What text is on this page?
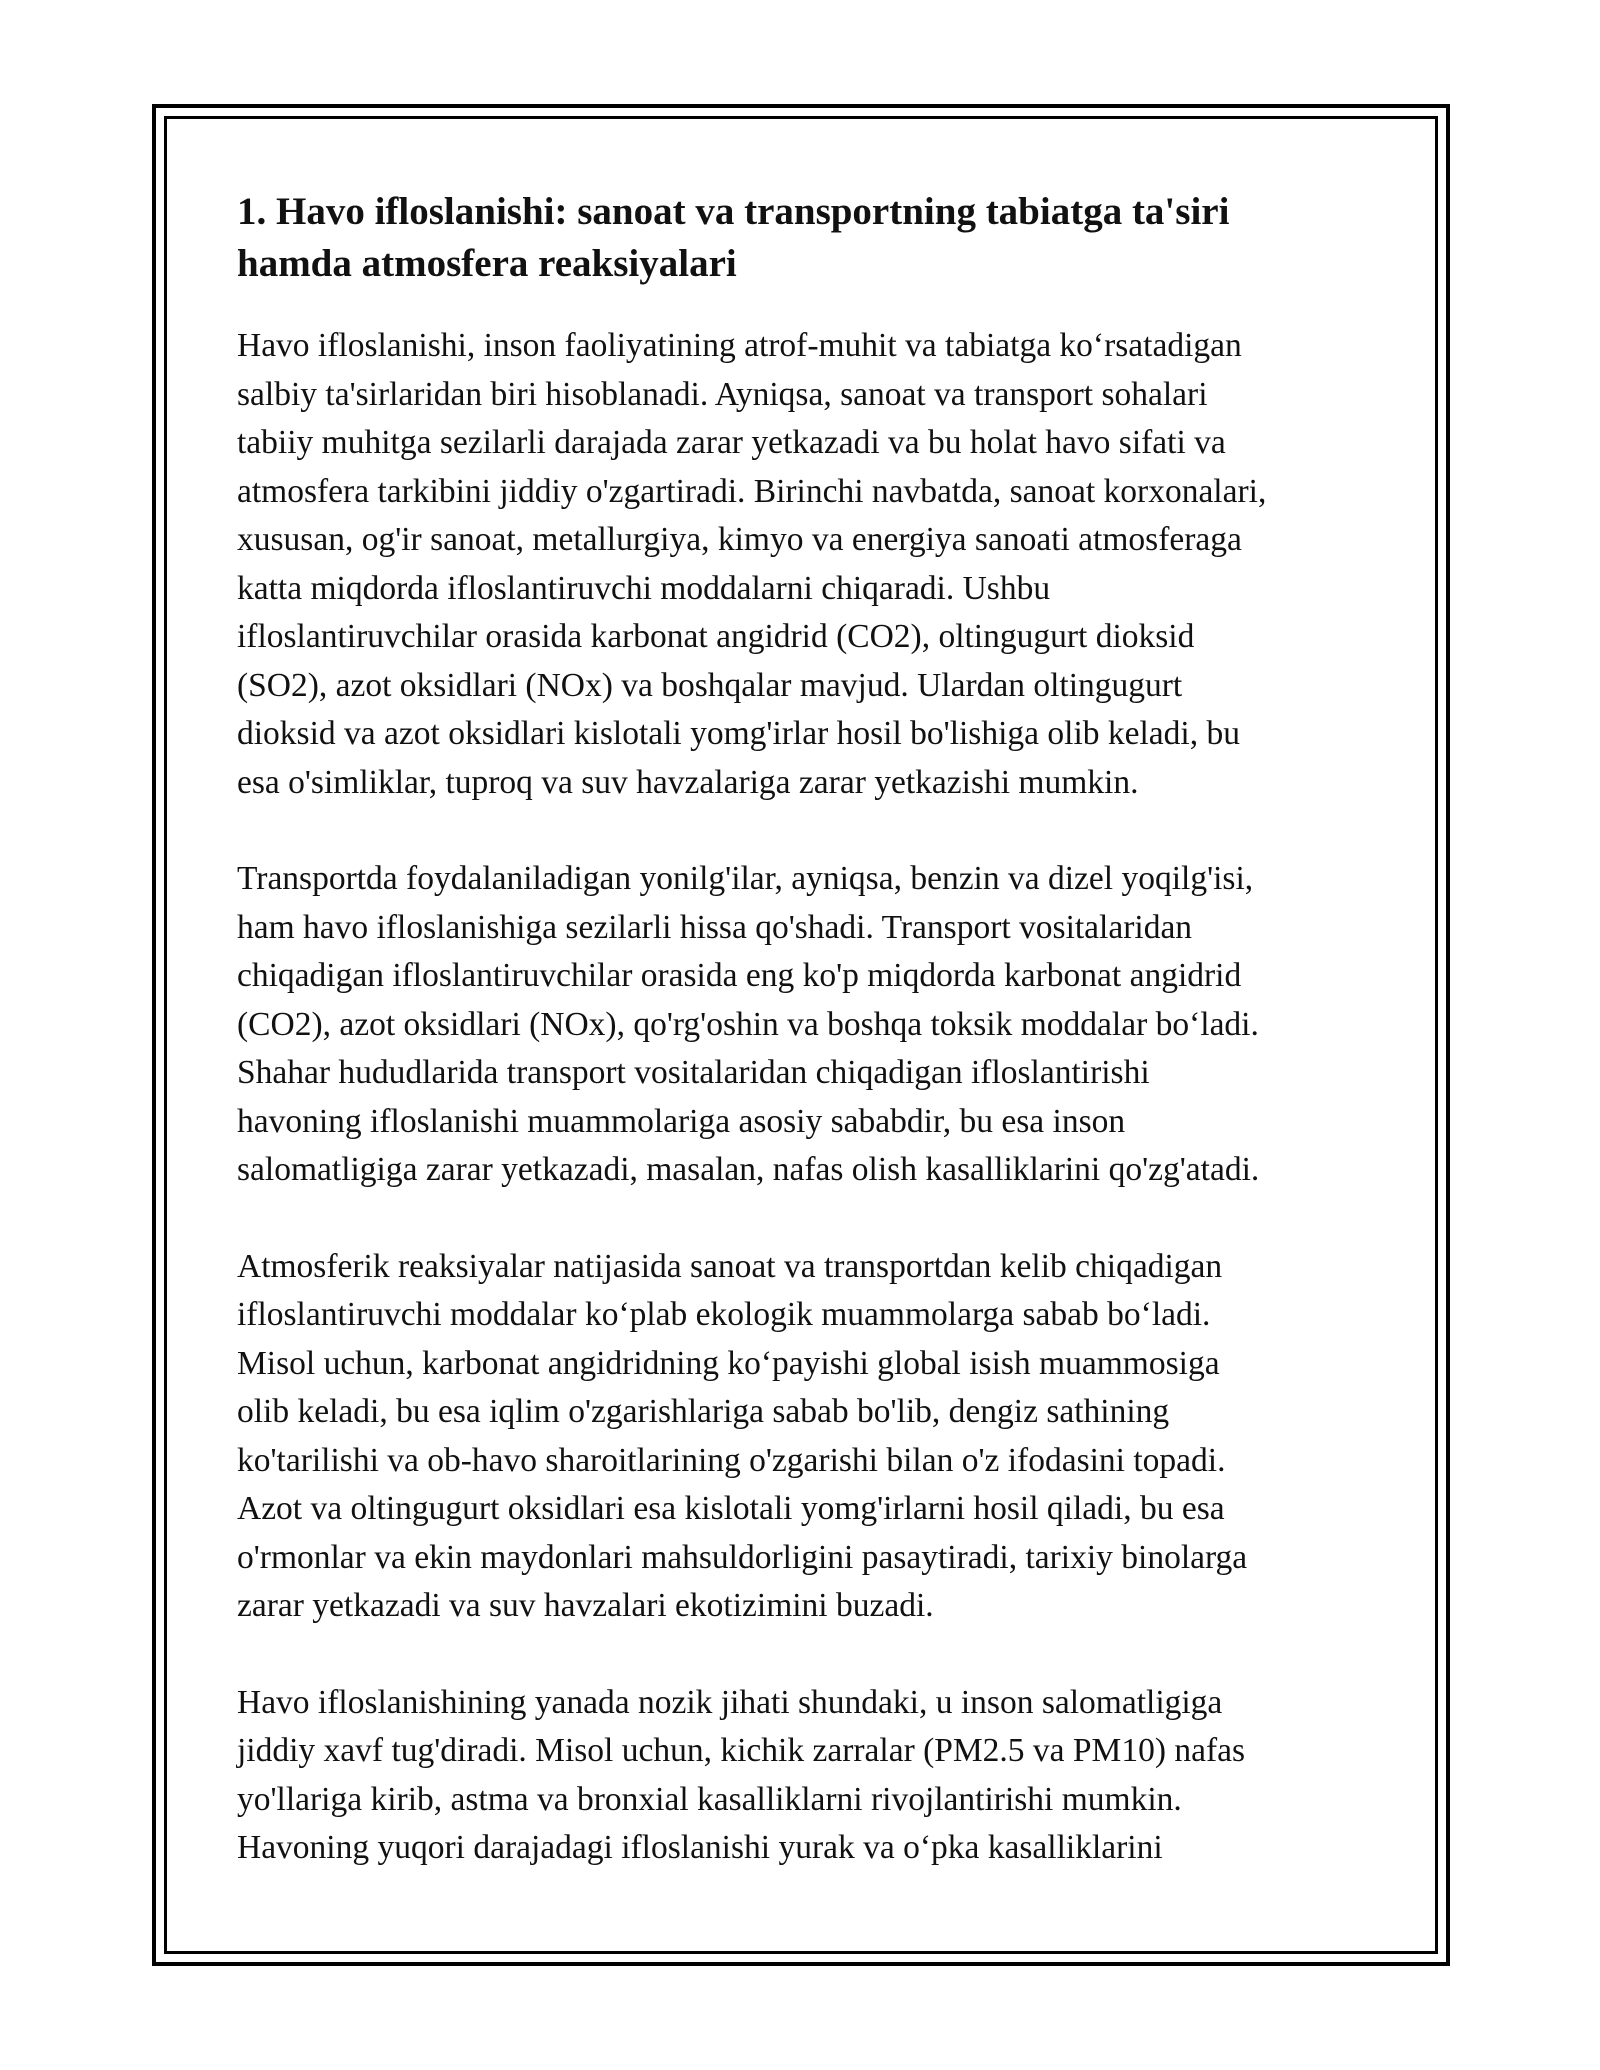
1. Havo ifloslanishi: sanoat va transportning tabiatga ta'siri
hamda atmosfera reaksiyalari

Havo ifloslanishi, inson faoliyatining atrof-muhit va tabiatga koʻrsatadigan
salbiy ta'sirlaridan biri hisoblanadi. Ayniqsa, sanoat va transport sohalari
tabiiy muhitga sezilarli darajada zarar yetkazadi va bu holat havo sifati va
atmosfera tarkibini jiddiy o'zgartiradi. Birinchi navbatda, sanoat korxonalari,
xususan, og'ir sanoat, metallurgiya, kimyo va energiya sanoati atmosferaga
katta miqdorda ifloslantiruvchi moddalarni chiqaradi. Ushbu
ifloslantiruvchilar orasida karbonat angidrid (CO2), oltingugurt dioksid
(SO2), azot oksidlari (NOx) va boshqalar mavjud. Ulardan oltingugurt
dioksid va azot oksidlari kislotali yomg'irlar hosil bo'lishiga olib keladi, bu
esa o'simliklar, tuproq va suv havzalariga zarar yetkazishi mumkin.

Transportda foydalaniladigan yonilg'ilar, ayniqsa, benzin va dizel yoqilg'isi,
ham havo ifloslanishiga sezilarli hissa qo'shadi. Transport vositalaridan
chiqadigan ifloslantiruvchilar orasida eng ko'p miqdorda karbonat angidrid
(CO2), azot oksidlari (NOx), qo'rg'oshin va boshqa toksik moddalar boʻladi.
Shahar hududlarida transport vositalaridan chiqadigan ifloslantirishi
havoning ifloslanishi muammolariga asosiy sababdir, bu esa inson
salomatligiga zarar yetkazadi, masalan, nafas olish kasalliklarini qo'zg'atadi.

Atmosferik reaksiyalar natijasida sanoat va transportdan kelib chiqadigan
ifloslantiruvchi moddalar koʻplab ekologik muammolarga sabab boʻladi.
Misol uchun, karbonat angidridning koʻpayishi global isish muammosiga
olib keladi, bu esa iqlim o'zgarishlariga sabab bo'lib, dengiz sathining
ko'tarilishi va ob-havo sharoitlarining o'zgarishi bilan o'z ifodasini topadi.
Azot va oltingugurt oksidlari esa kislotali yomg'irlarni hosil qiladi, bu esa
o'rmonlar va ekin maydonlari mahsuldorligini pasaytiradi, tarixiy binolarga
zarar yetkazadi va suv havzalari ekotizimini buzadi.

Havo ifloslanishining yanada nozik jihati shundaki, u inson salomatligiga
jiddiy xavf tug'diradi. Misol uchun, kichik zarralar (PM2.5 va PM10) nafas
yo'llariga kirib, astma va bronxial kasalliklarni rivojlantirishi mumkin.
Havoning yuqori darajadagi ifloslanishi yurak va oʻpka kasalliklarini
